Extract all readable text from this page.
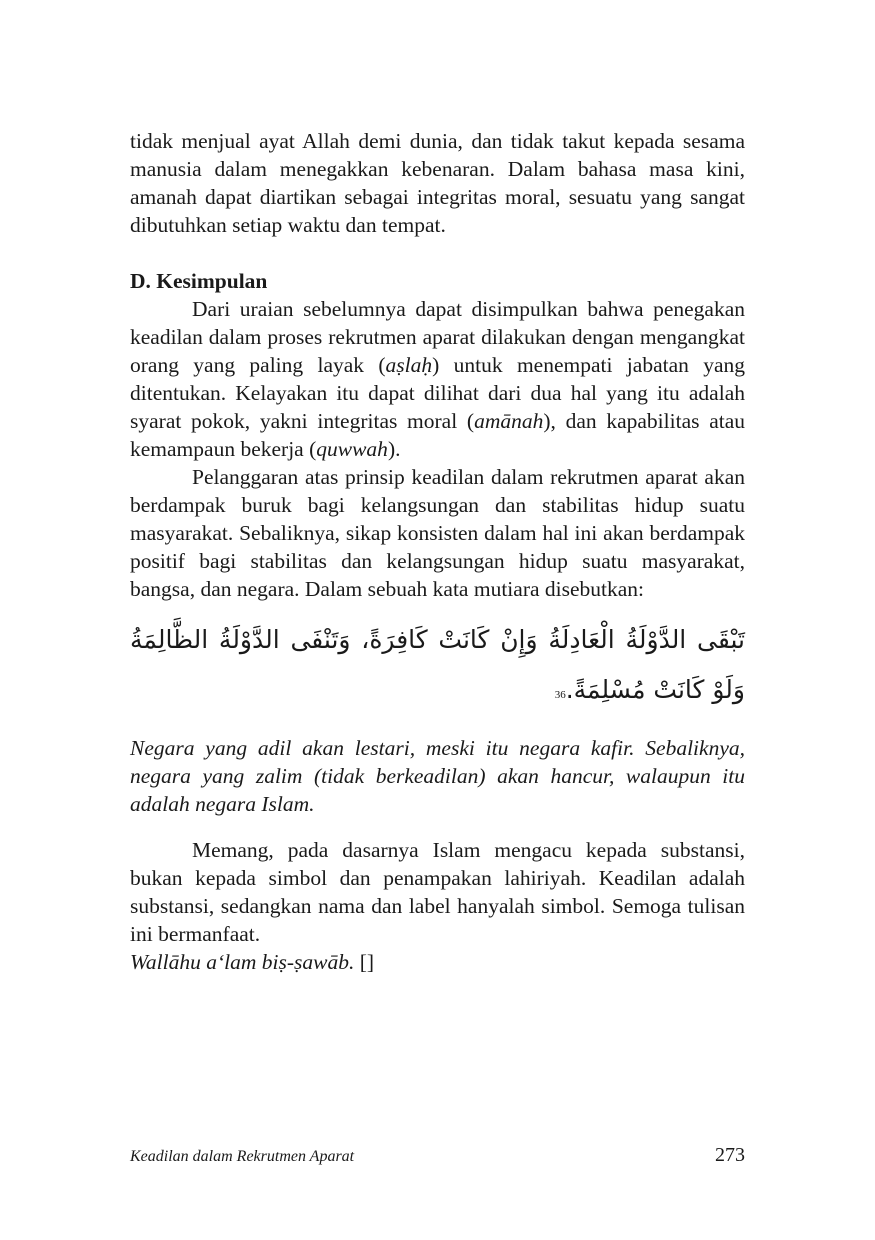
tidak menjual ayat Allah demi dunia, dan tidak takut kepada sesama manusia dalam menegakkan kebenaran. Dalam bahasa masa kini, amanah dapat diartikan sebagai integritas moral, sesuatu yang sangat dibutuhkan setiap waktu dan tempat.

D. Kesimpulan

Dari uraian sebelumnya dapat disimpulkan bahwa penegakan keadilan dalam proses rekrutmen aparat dilakukan dengan mengangkat orang yang paling layak (aṣlaḥ) untuk menempati jabatan yang ditentukan. Kelayakan itu dapat dilihat dari dua hal yang itu adalah syarat pokok, yakni integritas moral (amānah), dan kapabilitas atau kemampaun bekerja (quwwah).

Pelanggaran atas prinsip keadilan dalam rekrutmen aparat akan berdampak buruk bagi kelangsungan dan stabilitas hidup suatu masyarakat. Sebaliknya, sikap konsisten dalam hal ini akan berdampak positif bagi stabilitas dan kelangsungan hidup suatu masyarakat, bangsa, dan negara. Dalam sebuah kata mutiara disebutkan:

تَبْقَى الدَّوْلَةُ الْعَادِلَةُ وَإِنْ كَانَتْ كَافِرَةً، وَتَنْفَى الدَّوْلَةُ الظَّالِمَةُ وَلَوْ كَانَتْ مُسْلِمَةً.36

Negara yang adil akan lestari, meski itu negara kafir. Sebaliknya, negara yang zalim (tidak berkeadilan) akan hancur, walaupun itu adalah negara Islam.

Memang, pada dasarnya Islam mengacu kepada substansi, bukan kepada simbol dan penampakan lahiriyah. Keadilan adalah substansi, sedangkan nama dan label hanyalah simbol. Semoga tulisan ini bermanfaat.

Wallāhu a‘lam biṣ-ṣawāb. []

Keadilan dalam Rekrutmen Aparat	273
